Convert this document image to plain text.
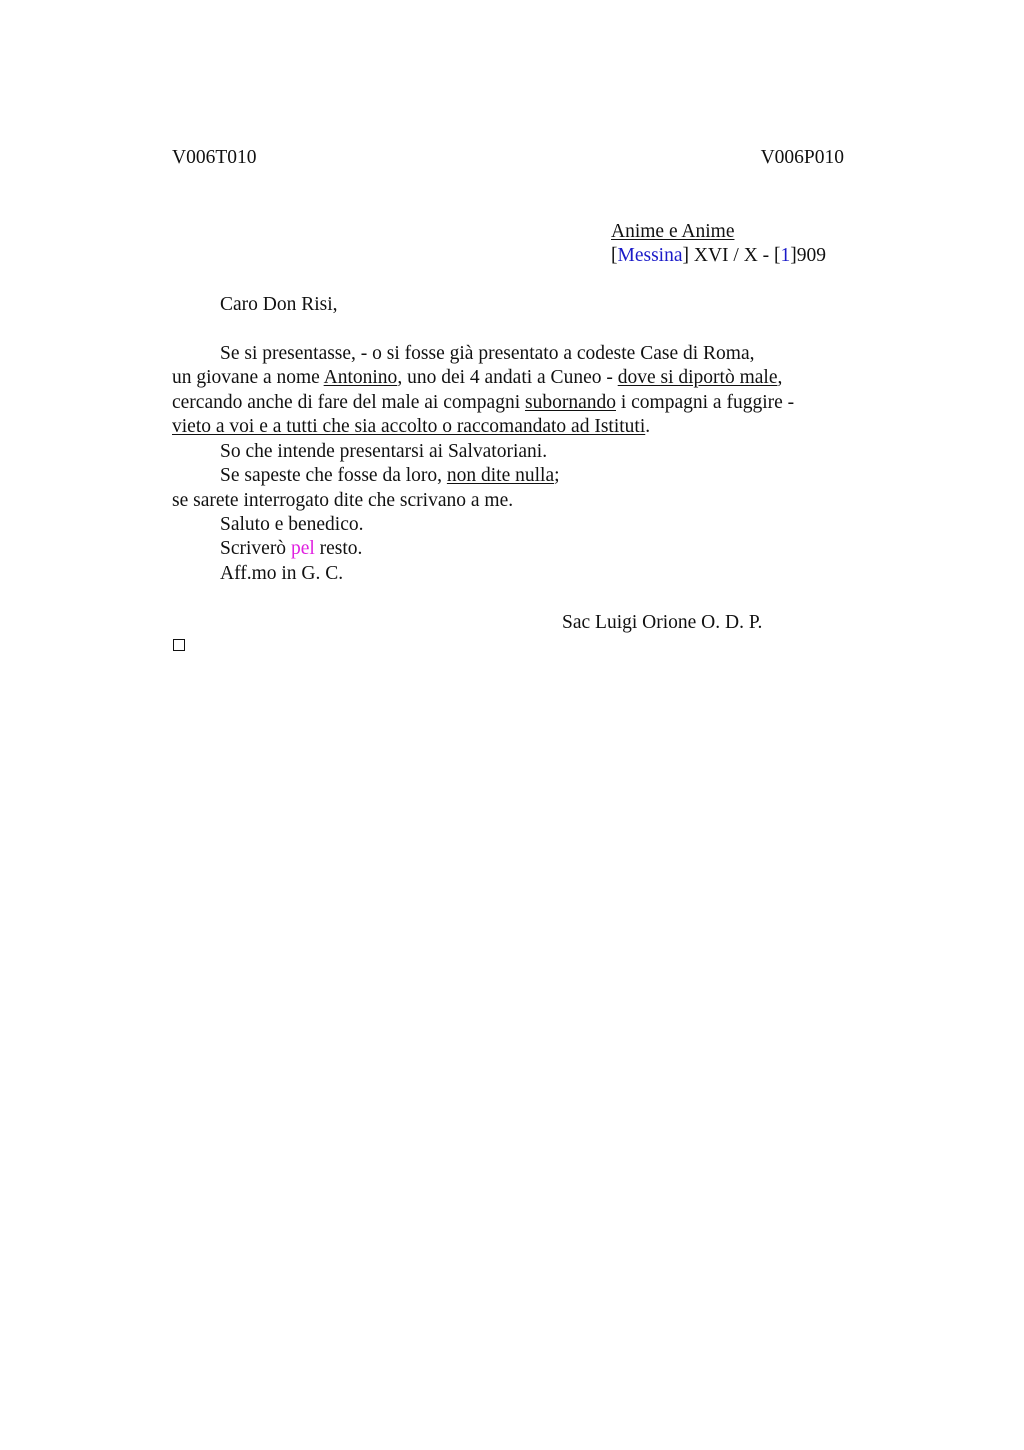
V006T010	V006P010
Anime e Anime
[Messina] XVI / X - [1]909
Caro Don Risi,
Se si presentasse, - o si fosse già presentato a codeste Case di Roma,
un giovane a nome Antonino, uno dei 4 andati a Cuneo - dove si diportò male,
cercando anche di fare del male ai compagni subornando i compagni a fuggire -
vieto a voi e a tutti che sia accolto o raccomandato ad Istituti.
So che intende presentarsi ai Salvatoriani.
Se sapeste che fosse da loro, non dite nulla;
se sarete interrogato dite che scrivano a me.
Saluto e benedico.
Scriverò pel resto.
Aff.mo in G. C.
Sac Luigi Orione O. D. P.
